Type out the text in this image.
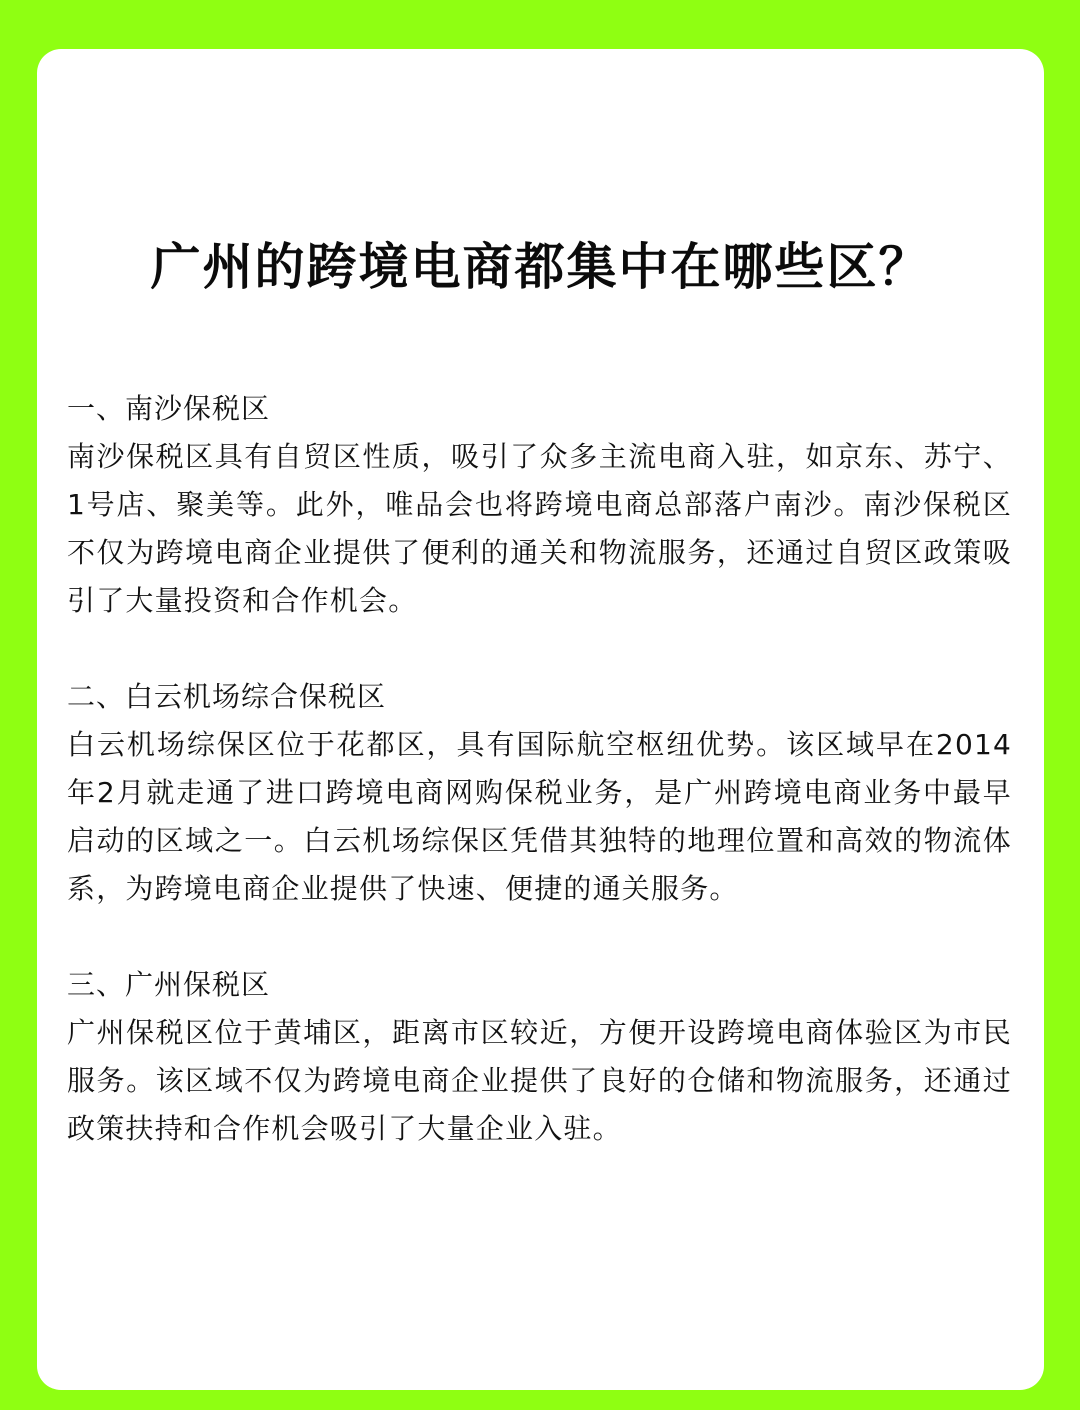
广州的跨境电商都集中在哪些区？

一、南沙保税区

南沙保税区具有自贸区性质，吸引了众多主流电商入驻，如京东、苏宁、1号店、聚美等。此外，唯品会也将跨境电商总部落户南沙。南沙保税区不仅为跨境电商企业提供了便利的通关和物流服务，还通过自贸区政策吸引了大量投资和合作机会。

二、白云机场综合保税区

白云机场综保区位于花都区，具有国际航空枢纽优势。该区域早在2014年2月就走通了进口跨境电商网购保税业务，是广州跨境电商业务中最早启动的区域之一。白云机场综保区凭借其独特的地理位置和高效的物流体系，为跨境电商企业提供了快速、便捷的通关服务。

三、广州保税区

广州保税区位于黄埔区，距离市区较近，方便开设跨境电商体验区为市民服务。该区域不仅为跨境电商企业提供了良好的仓储和物流服务，还通过政策扶持和合作机会吸引了大量企业入驻。
